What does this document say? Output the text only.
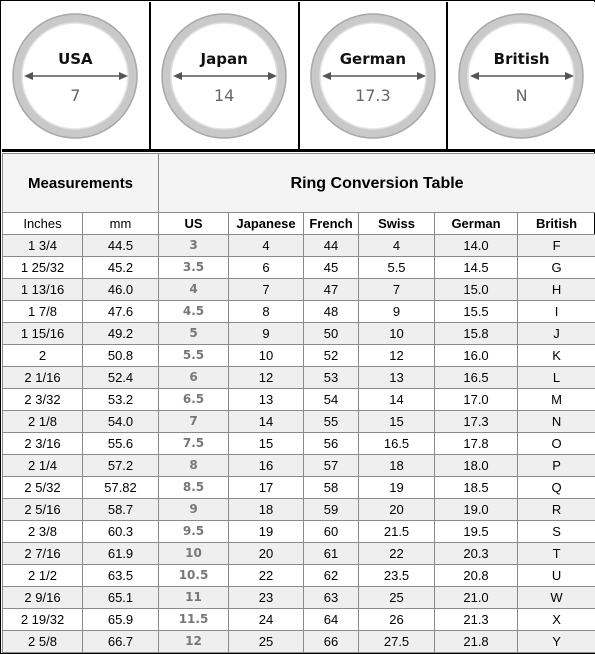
USA
7
Japan
14
German
17.3
British
N
Measurements		Ring Conversion Table					
Inches	mm	US	Japanese	French	Swiss	German	British
1 3/4	44.5	3	4	44	4	14.0	F
1 25/32	45.2	3.5	6	45	5.5	14.5	G
1 13/16	46.0	4	7	47	7	15.0	H
1 7/8	47.6	4.5	8	48	9	15.5	I
1 15/16	49.2	5	9	50	10	15.8	J
2	50.8	5.5	10	52	12	16.0	K
2 1/16	52.4	6	12	53	13	16.5	L
2 3/32	53.2	6.5	13	54	14	17.0	M
2 1/8	54.0	7	14	55	15	17.3	N
2 3/16	55.6	7.5	15	56	16.5	17.8	O
2 1/4	57.2	8	16	57	18	18.0	P
2 5/32	57.82	8.5	17	58	19	18.5	Q
2 5/16	58.7	9	18	59	20	19.0	R
2 3/8	60.3	9.5	19	60	21.5	19.5	S
2 7/16	61.9	10	20	61	22	20.3	T
2 1/2	63.5	10.5	22	62	23.5	20.8	U
2 9/16	65.1	11	23	63	25	21.0	W
2 19/32	65.9	11.5	24	64	26	21.3	X
2 5/8	66.7	12	25	66	27.5	21.8	Y
